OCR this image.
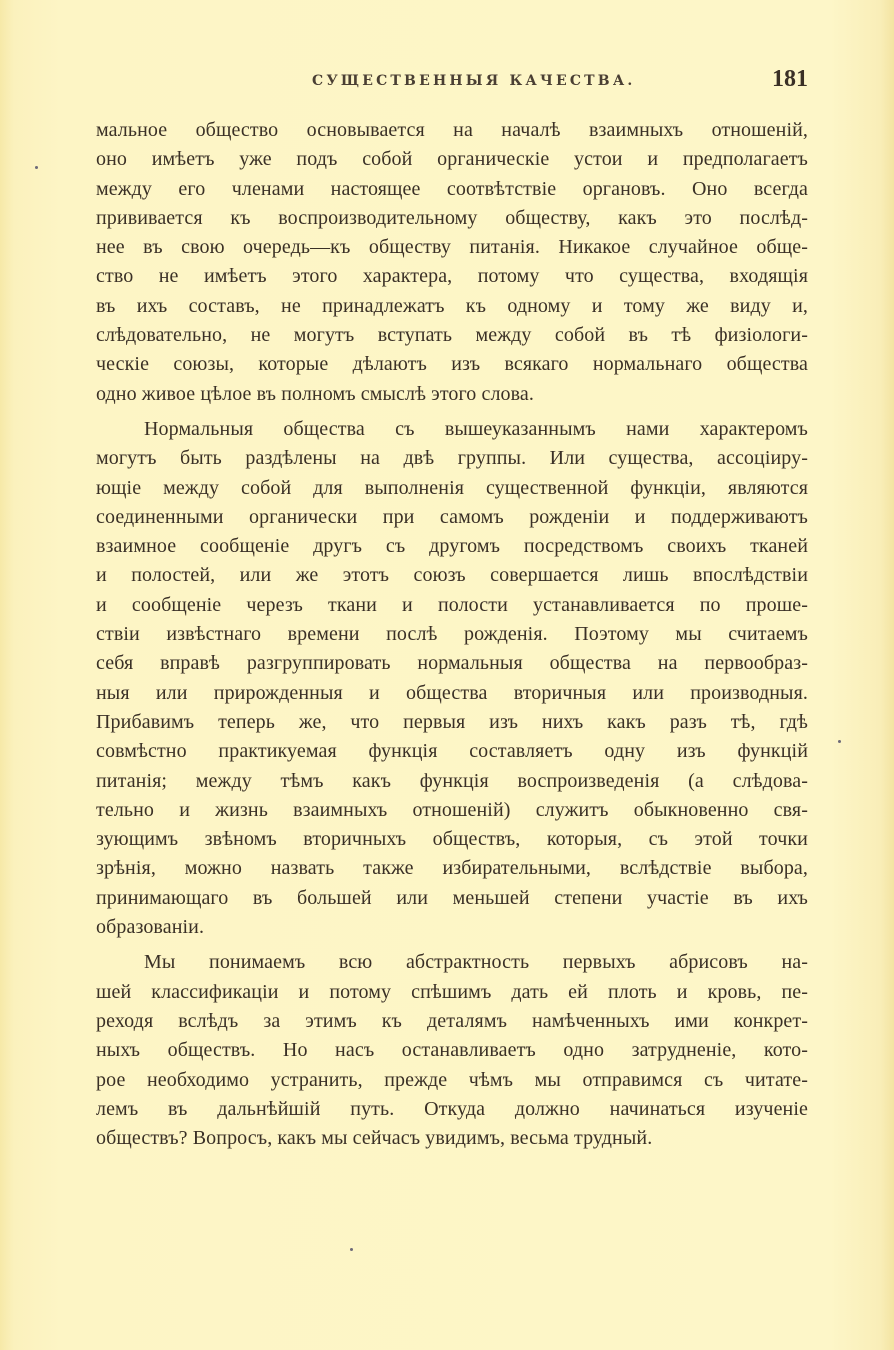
СУЩЕСТВЕННЫЯ КАЧЕСТВА.	181
мальное общество основывается на началѣ взаимныхъ отношеній,
оно имѣетъ уже подъ собой органическіе устои и предполагаетъ
между его членами настоящее соотвѣтствіе органовъ. Оно всегда
прививается къ воспроизводительному обществу, какъ это послѣд-
нее въ свою очередь—къ обществу питанія. Никакое случайное обще-
ство не имѣетъ этого характера, потому что существа, входящія
въ ихъ составъ, не принадлежатъ къ одному и тому же виду и,
слѣдовательно, не могутъ вступать между собой въ тѣ физіологи-
ческіе союзы, которые дѣлаютъ изъ всякаго нормальнаго общества
одно живое цѣлое въ полномъ смыслѣ этого слова.
Нормальныя общества съ вышеуказаннымъ нами характеромъ
могутъ быть раздѣлены на двѣ группы. Или существа, ассоціиру-
ющіе между собой для выполненія существенной функціи, являются
соединенными органически при самомъ рожденіи и поддерживаютъ
взаимное сообщеніе другъ съ другомъ посредствомъ своихъ тканей
и полостей, или же этотъ союзъ совершается лишь впослѣдствіи
и сообщеніе черезъ ткани и полости устанавливается по проше-
ствіи извѣстнаго времени послѣ рожденія. Поэтому мы считаемъ
себя вправѣ разгруппировать нормальныя общества на первообраз-
ныя или прирожденныя и общества вторичныя или производныя.
Прибавимъ теперь же, что первыя изъ нихъ какъ разъ тѣ, гдѣ
совмѣстно практикуемая функція составляетъ одну изъ функцій
питанія; между тѣмъ какъ функція воспроизведенія (а слѣдова-
тельно и жизнь взаимныхъ отношеній) служитъ обыкновенно свя-
зующимъ звѣномъ вторичныхъ обществъ, которыя, съ этой точки
зрѣнія, можно назвать также избирательными, вслѣдствіе выбора,
принимающаго въ большей или меньшей степени участіе въ ихъ
образованіи.
Мы понимаемъ всю абстрактность первыхъ абрисовъ на-
шей классификаціи и потому спѣшимъ дать ей плоть и кровь, пе-
реходя вслѣдъ за этимъ къ деталямъ намѣченныхъ ими конкрет-
ныхъ обществъ. Но насъ останавливаетъ одно затрудненіе, кото-
рое необходимо устранить, прежде чѣмъ мы отправимся съ читате-
лемъ въ дальнѣйшій путь. Откуда должно начинаться изученіе
обществъ? Вопросъ, какъ мы сейчасъ увидимъ, весьма трудный.
